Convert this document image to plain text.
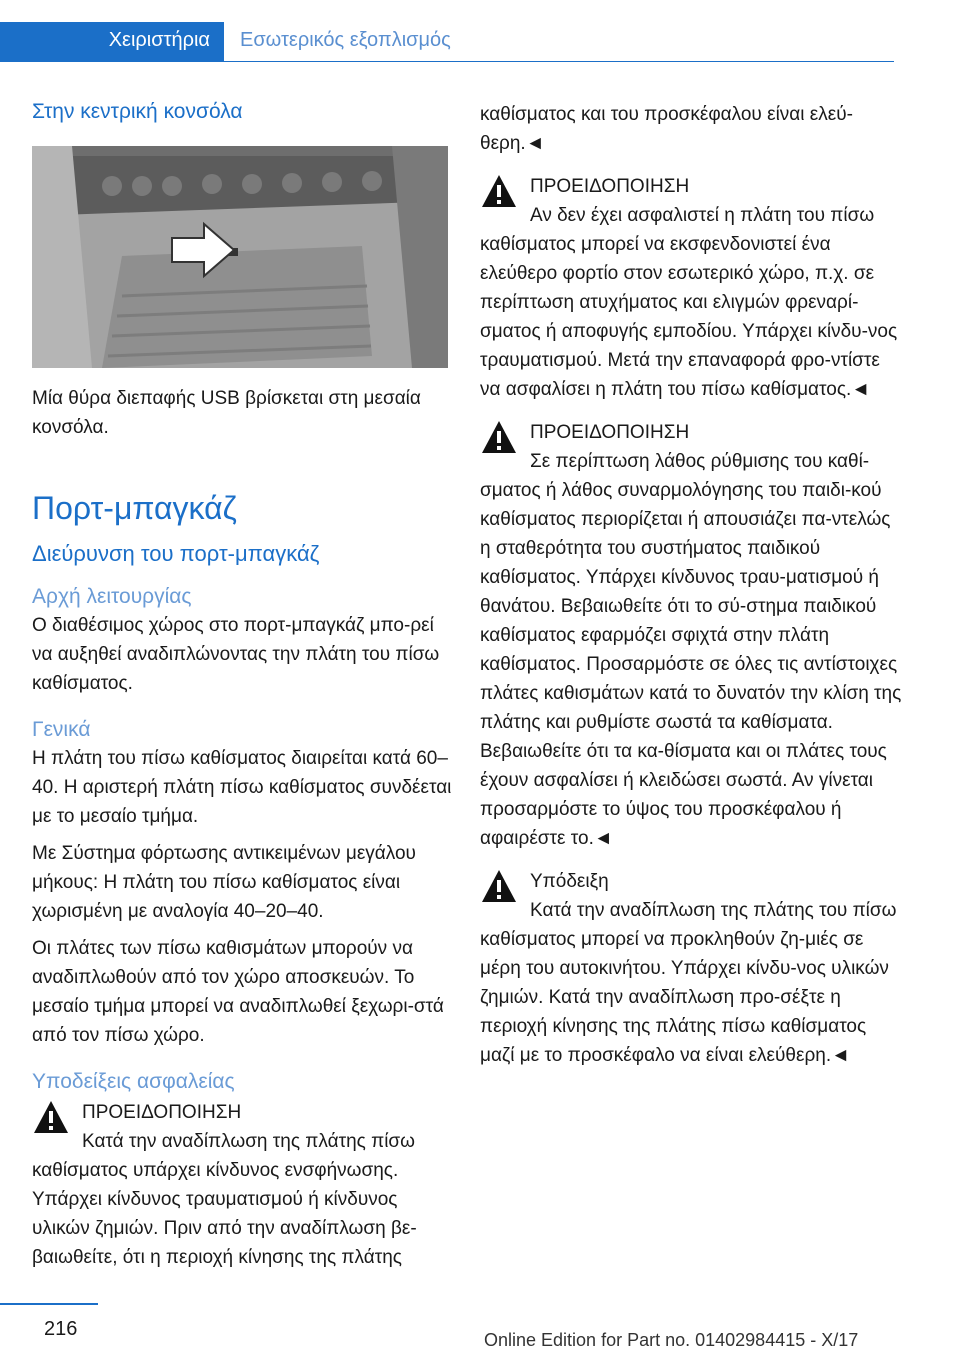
Χειριστήρια Εσωτερικός εξοπλισμός
Στην κεντρική κονσόλα

Μία θύρα διεπαφής USB βρίσκεται στη μεσαία κονσόλα.

Πορτ-μπαγκάζ
Διεύρυνση του πορτ-μπαγκάζ
Αρχή λειτουργίας

Ο διαθέσιμος χώρος στο πορτ-μπαγκάζ μπο-ρεί να αυξηθεί αναδιπλώνοντας την πλάτη του πίσω καθίσματος.

Γενικά

Η πλάτη του πίσω καθίσματος διαιρείται κατά 60–40. Η αριστερή πλάτη πίσω καθίσματος συνδέεται με το μεσαίο τμήμα.

Με Σύστημα φόρτωσης αντικειμένων μεγάλου μήκους: Η πλάτη του πίσω καθίσματος είναι χωρισμένη με αναλογία 40–20–40.

Οι πλάτες των πίσω καθισμάτων μπορούν να αναδιπλωθούν από τον χώρο αποσκευών. Το μεσαίο τμήμα μπορεί να αναδιπλωθεί ξεχωρι-στά από τον πίσω χώρο.

Υποδείξεις ασφαλείας

ΠΡΟΕΙΔΟΠΟΙΗΣΗ

Κατά την αναδίπλωση της πλάτης πίσω καθίσματος υπάρχει κίνδυνος ενσφήνωσης. Υπάρχει κίνδυνος τραυματισμού ή κίνδυνος υλικών ζημιών. Πριν από την αναδίπλωση βε-βαιωθείτε, ότι η περιοχή κίνησης της πλάτης

καθίσματος και του προσκέφαλου είναι ελεύ-θερη.◄

ΠΡΟΕΙΔΟΠΟΙΗΣΗ

Αν δεν έχει ασφαλιστεί η πλάτη του πίσω καθίσματος μπορεί να εκσφενδονιστεί ένα ελεύθερο φορτίο στον εσωτερικό χώρο, π.χ. σε περίπτωση ατυχήματος και ελιγμών φρεναρί-σματος ή αποφυγής εμποδίου. Υπάρχει κίνδυ-νος τραυματισμού. Μετά την επαναφορά φρο-ντίστε να ασφαλίσει η πλάτη του πίσω καθίσματος.◄

ΠΡΟΕΙΔΟΠΟΙΗΣΗ

Σε περίπτωση λάθος ρύθμισης του καθί-σματος ή λάθος συναρμολόγησης του παιδι-κού καθίσματος περιορίζεται ή απουσιάζει πα-ντελώς η σταθερότητα του συστήματος παιδικού καθίσματος. Υπάρχει κίνδυνος τραυ-ματισμού ή θανάτου. Βεβαιωθείτε ότι το σύ-στημα παιδικού καθίσματος εφαρμόζει σφιχτά στην πλάτη καθίσματος. Προσαρμόστε σε όλες τις αντίστοιχες πλάτες καθισμάτων κατά το δυνατόν την κλίση της πλάτης και ρυθμίστε σωστά τα καθίσματα. Βεβαιωθείτε ότι τα κα-θίσματα και οι πλάτες τους έχουν ασφαλίσει ή κλειδώσει σωστά. Αν γίνεται προσαρμόστε το ύψος του προσκέφαλου ή αφαιρέστε το.◄

Υπόδειξη

Κατά την αναδίπλωση της πλάτης του πίσω καθίσματος μπορεί να προκληθούν ζη-μιές σε μέρη του αυτοκινήτου. Υπάρχει κίνδυ-νος υλικών ζημιών. Κατά την αναδίπλωση προ-σέξτε η περιοχή κίνησης της πλάτης πίσω καθίσματος μαζί με το προσκέφαλο να είναι ελεύθερη.◄

216	Online Edition for Part no. 01402984415 - X/17
